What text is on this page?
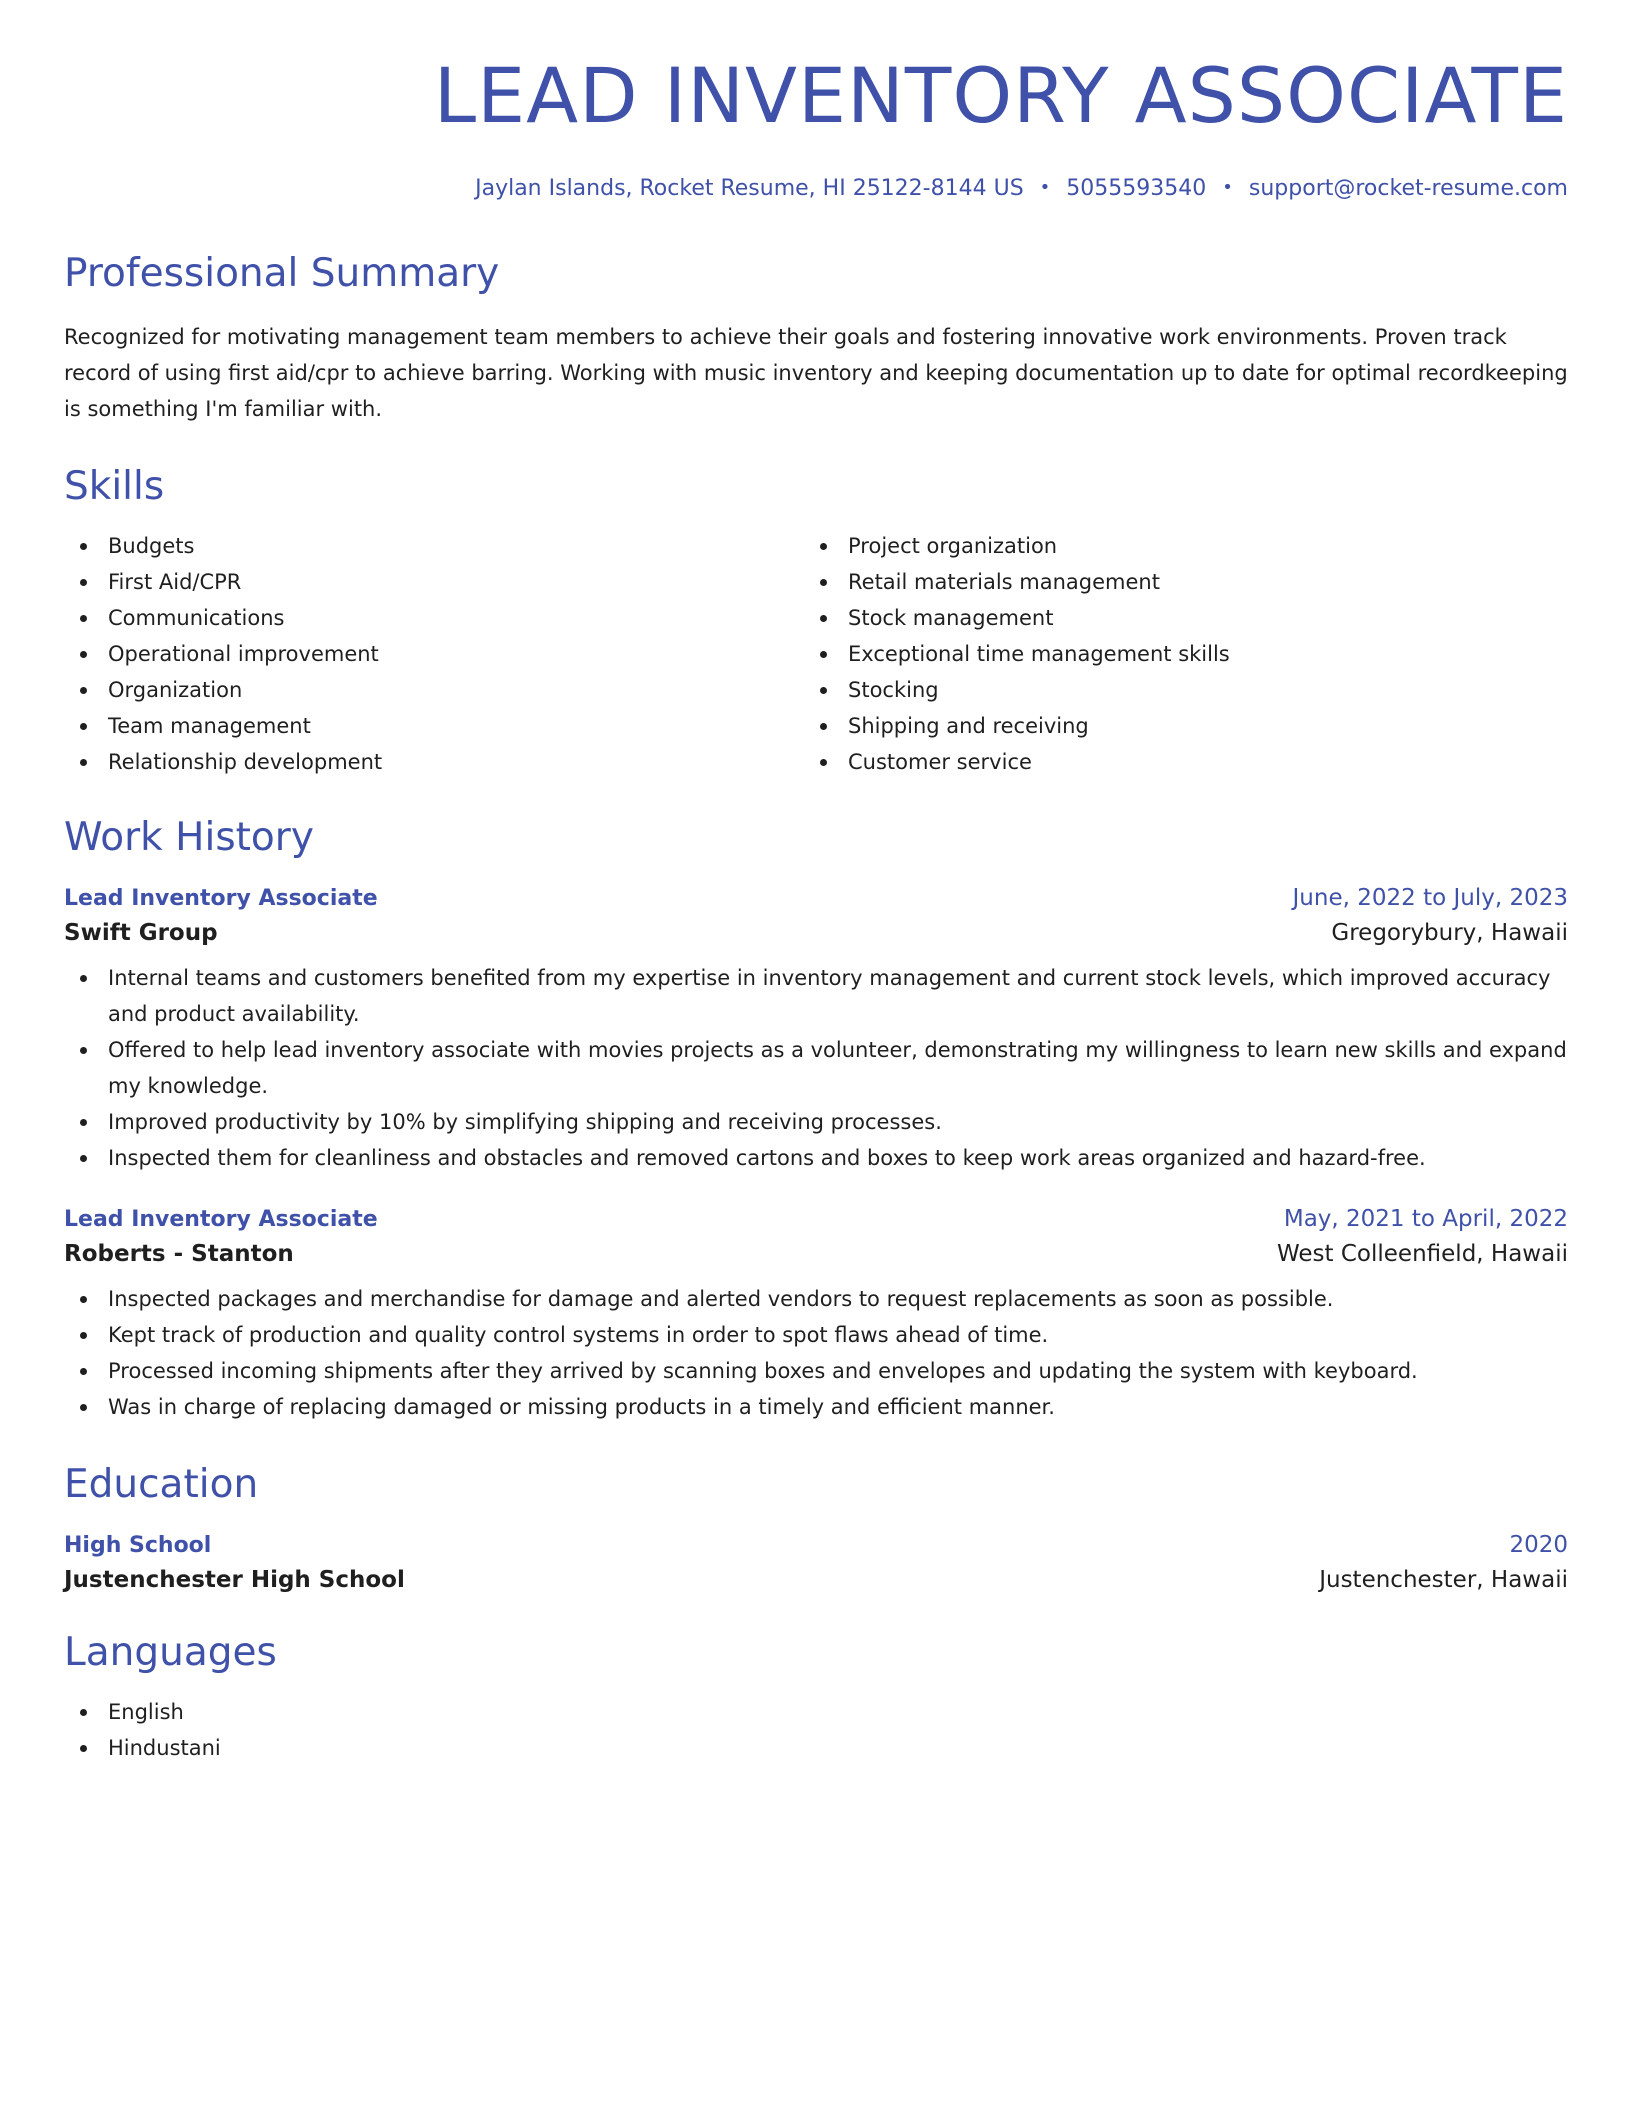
LEAD INVENTORY ASSOCIATE
Jaylan Islands, Rocket Resume, HI 25122-8144 US • 5055593540 • support@rocket-resume.com
Professional Summary

Recognized for motivating management team members to achieve their goals and fostering innovative work environments. Proven track record of using first aid/cpr to achieve barring. Working with music inventory and keeping documentation up to date for optimal recordkeeping is something I'm familiar with.

Skills
Budgets
First Aid/CPR
Communications
Operational improvement
Organization
Team management
Relationship development
Project organization
Retail materials management
Stock management
Exceptional time management skills
Stocking
Shipping and receiving
Customer service
Work History
Lead Inventory Associate	June, 2022 to July, 2023
Swift Group	Gregorybury, Hawaii
Internal teams and customers benefited from my expertise in inventory management and current stock levels, which improved accuracy and product availability.
Offered to help lead inventory associate with movies projects as a volunteer, demonstrating my willingness to learn new skills and expand my knowledge.
Improved productivity by 10% by simplifying shipping and receiving processes.
Inspected them for cleanliness and obstacles and removed cartons and boxes to keep work areas organized and hazard-free.
Lead Inventory Associate	May, 2021 to April, 2022
Roberts - Stanton	West Colleenfield, Hawaii
Inspected packages and merchandise for damage and alerted vendors to request replacements as soon as possible.
Kept track of production and quality control systems in order to spot flaws ahead of time.
Processed incoming shipments after they arrived by scanning boxes and envelopes and updating the system with keyboard.
Was in charge of replacing damaged or missing products in a timely and efficient manner.
Education
High School	2020
Justenchester High School	Justenchester, Hawaii
Languages
English
Hindustani
